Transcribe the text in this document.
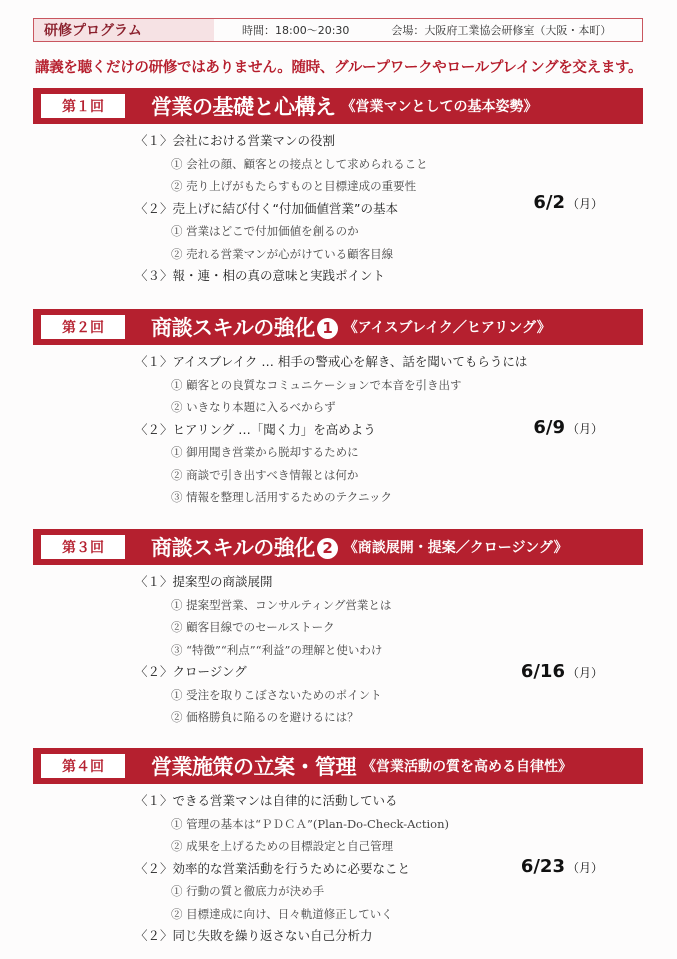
研修プログラム	時間：18:00〜20:30	会場：大阪府工業協会研修室（大阪・本町）
講義を聴くだけの研修ではありません。随時、グループワークやロールプレイングを交えます。
第１回	営業の基礎と心構え 《営業マンとしての基本姿勢》
〈１〉会社における営業マンの役割
① 会社の顔、顧客との接点として求められること
② 売り上げがもたらすものと目標達成の重要性
〈２〉売上げに結び付く“付加価値営業”の基本
① 営業はどこで付加価値を創るのか
② 売れる営業マンが心がけている顧客目線
〈３〉報・連・相の真の意味と実践ポイント
6/2 （月）
第２回	商談スキルの強化 1 《アイスブレイク／ヒアリング》
〈１〉アイスブレイク … 相手の警戒心を解き、話を聞いてもらうには
① 顧客との良質なコミュニケーションで本音を引き出す
② いきなり本題に入るべからず
〈２〉ヒアリング …「聞く力」を高めよう
① 御用聞き営業から脱却するために
② 商談で引き出すべき情報とは何か
③ 情報を整理し活用するためのテクニック
6/9 （月）
第３回	商談スキルの強化 2 《商談展開・提案／クロージング》
〈１〉提案型の商談展開
① 提案型営業、コンサルティング営業とは
② 顧客目線でのセールストーク
③ “特徴”“利点”“利益”の理解と使いわけ
〈２〉クロージング
① 受注を取りこぼさないためのポイント
② 価格勝負に陥るのを避けるには？
6/16 （月）
第４回	営業施策の立案・管理 《営業活動の質を高める自律性》
〈１〉できる営業マンは自律的に活動している
① 管理の基本は“ＰＤＣＡ”(Plan-Do-Check-Action)
② 成果を上げるための目標設定と自己管理
〈２〉効率的な営業活動を行うために必要なこと
① 行動の質と徹底力が決め手
② 目標達成に向け、日々軌道修正していく
〈２〉同じ失敗を繰り返さない自己分析力
6/23 （月）
